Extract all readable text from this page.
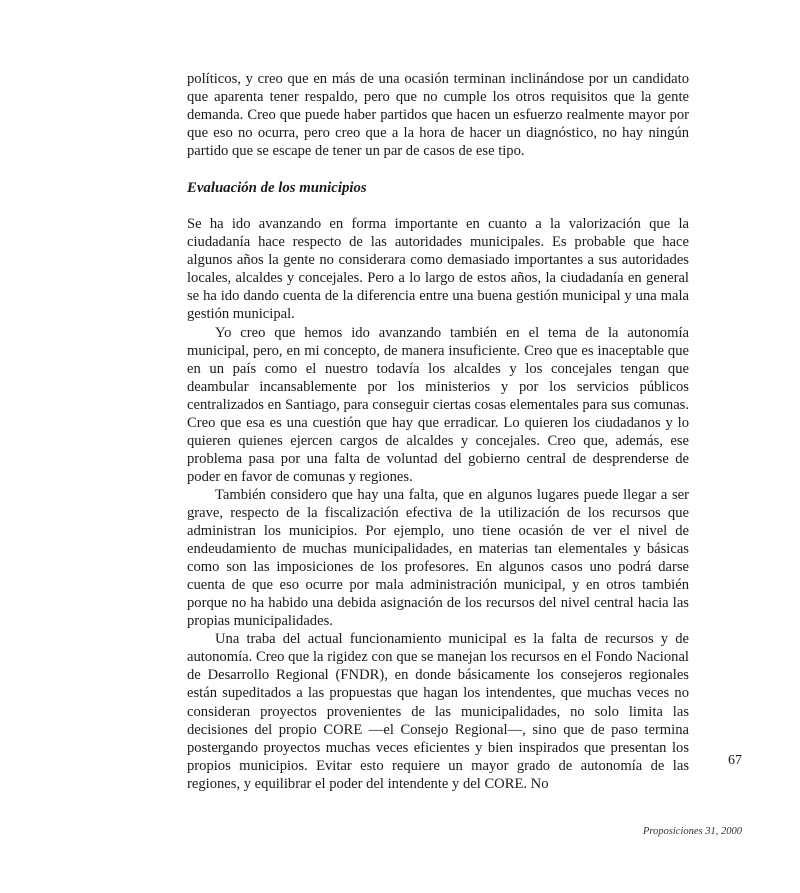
políticos, y creo que en más de una ocasión terminan inclinándose por un candidato que aparenta tener respaldo, pero que no cumple los otros requisitos que la gente demanda. Creo que puede haber partidos que hacen un esfuerzo realmente mayor por que eso no ocurra, pero creo que a la hora de hacer un diagnóstico, no hay ningún partido que se escape de tener un par de casos de ese tipo.

Evaluación de los municipios

Se ha ido avanzando en forma importante en cuanto a la valorización que la ciudadanía hace respecto de las autoridades municipales. Es probable que hace algunos años la gente no considerara como demasiado importantes a sus autoridades locales, alcaldes y concejales. Pero a lo largo de estos años, la ciudadanía en general se ha ido dando cuenta de la diferencia entre una buena gestión municipal y una mala gestión municipal.

Yo creo que hemos ido avanzando también en el tema de la autonomía municipal, pero, en mi concepto, de manera insuficiente. Creo que es inaceptable que en un país como el nuestro todavía los alcaldes y los concejales tengan que deambular incansablemente por los ministerios y por los servicios públicos centralizados en Santiago, para conseguir ciertas cosas elementales para sus comunas. Creo que esa es una cuestión que hay que erradicar. Lo quieren los ciudadanos y lo quieren quienes ejercen cargos de alcaldes y concejales. Creo que, además, ese problema pasa por una falta de voluntad del gobierno central de desprenderse de poder en favor de comunas y regiones.

También considero que hay una falta, que en algunos lugares puede llegar a ser grave, respecto de la fiscalización efectiva de la utilización de los recursos que administran los municipios. Por ejemplo, uno tiene ocasión de ver el nivel de endeudamiento de muchas municipalidades, en materias tan elementales y básicas como son las imposiciones de los profesores. En algunos casos uno podrá darse cuenta de que eso ocurre por mala administración municipal, y en otros también porque no ha habido una debida asignación de los recursos del nivel central hacia las propias municipalidades.

Una traba del actual funcionamiento municipal es la falta de recursos y de autonomía. Creo que la rigidez con que se manejan los recursos en el Fondo Nacional de Desarrollo Regional (FNDR), en donde básicamente los consejeros regionales están supeditados a las propuestas que hagan los intendentes, que muchas veces no consideran proyectos provenientes de las municipalidades, no solo limita las decisiones del propio CORE —el Consejo Regional—, sino que de paso termina postergando proyectos muchas veces eficientes y bien inspirados que presentan los propios municipios. Evitar esto requiere un mayor grado de autonomía de las regiones, y equilibrar el poder del intendente y del CORE. No

67
Proposiciones 31, 2000
